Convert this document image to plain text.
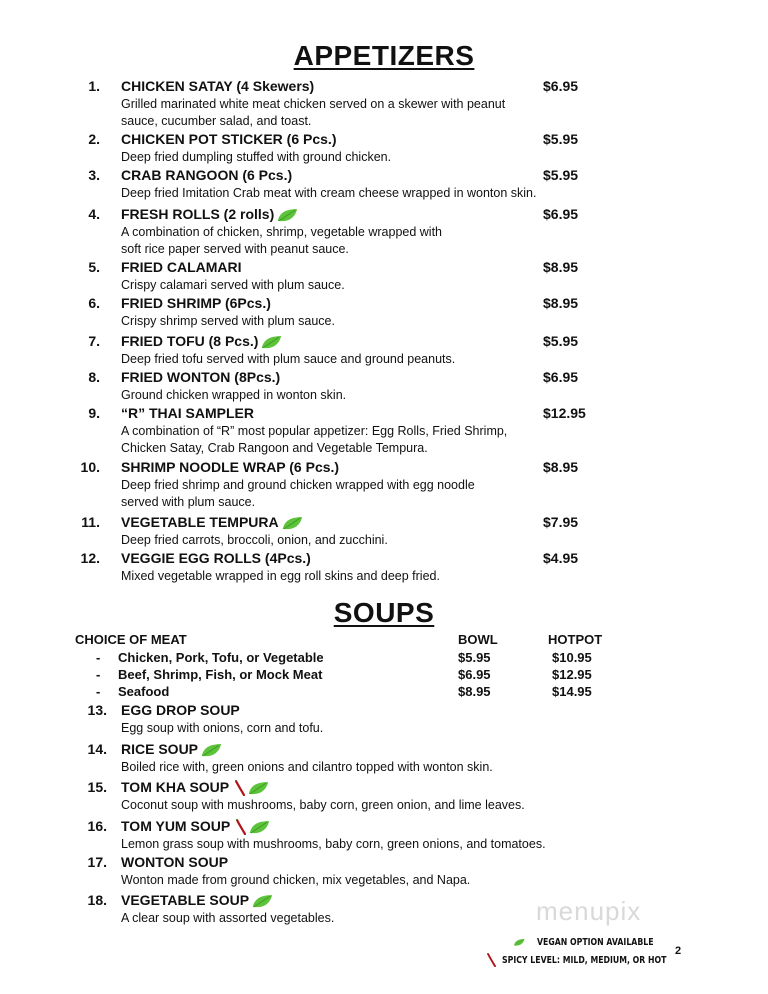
APPETIZERS
1. CHICKEN SATAY (4 Skewers)	$6.95
Grilled marinated white meat chicken served on a skewer with peanut
sauce, cucumber salad, and toast.
2. CHICKEN POT STICKER (6 Pcs.)	$5.95
Deep fried dumpling stuffed with ground chicken.
3. CRAB RANGOON (6 Pcs.)	$5.95
Deep fried Imitation Crab meat with cream cheese wrapped in wonton skin.
4. FRESH ROLLS (2 rolls)	$6.95
A combination of chicken, shrimp, vegetable wrapped with
soft rice paper served with peanut sauce.
5. FRIED CALAMARI	$8.95
Crispy calamari served with plum sauce.
6. FRIED SHRIMP (6Pcs.)	$8.95
Crispy shrimp served with plum sauce.
7. FRIED TOFU (8 Pcs.)	$5.95
Deep fried tofu served with plum sauce and ground peanuts.
8. FRIED WONTON (8Pcs.)	$6.95
Ground chicken wrapped in wonton skin.
9. “R” THAI SAMPLER	$12.95
A combination of “R” most popular appetizer: Egg Rolls, Fried Shrimp,
Chicken Satay, Crab Rangoon and Vegetable Tempura.
10. SHRIMP NOODLE WRAP (6 Pcs.)	$8.95
Deep fried shrimp and ground chicken wrapped with egg noodle
served with plum sauce.
11. VEGETABLE TEMPURA	$7.95
Deep fried carrots, broccoli, onion, and zucchini.
12. VEGGIE EGG ROLLS (4Pcs.)	$4.95
Mixed vegetable wrapped in egg roll skins and deep fried.
SOUPS
CHOICE OF MEAT	BOWL	HOTPOT
- Chicken, Pork, Tofu, or Vegetable	$5.95	$10.95
- Beef, Shrimp, Fish, or Mock Meat	$6.95	$12.95
- Seafood	$8.95	$14.95
13. EGG DROP SOUP
Egg soup with onions, corn and tofu.
14. RICE SOUP
Boiled rice with, green onions and cilantro topped with wonton skin.
15. TOM KHA SOUP
Coconut soup with mushrooms, baby corn, green onion, and lime leaves.
16. TOM YUM SOUP
Lemon grass soup with mushrooms, baby corn, green onions, and tomatoes.
17. WONTON SOUP
Wonton made from ground chicken, mix vegetables, and Napa.
18. VEGETABLE SOUP
A clear soup with assorted vegetables.	menupix
VEGAN OPTION AVAILABLE
SPICY LEVEL: MILD, MEDIUM, OR HOT
2
